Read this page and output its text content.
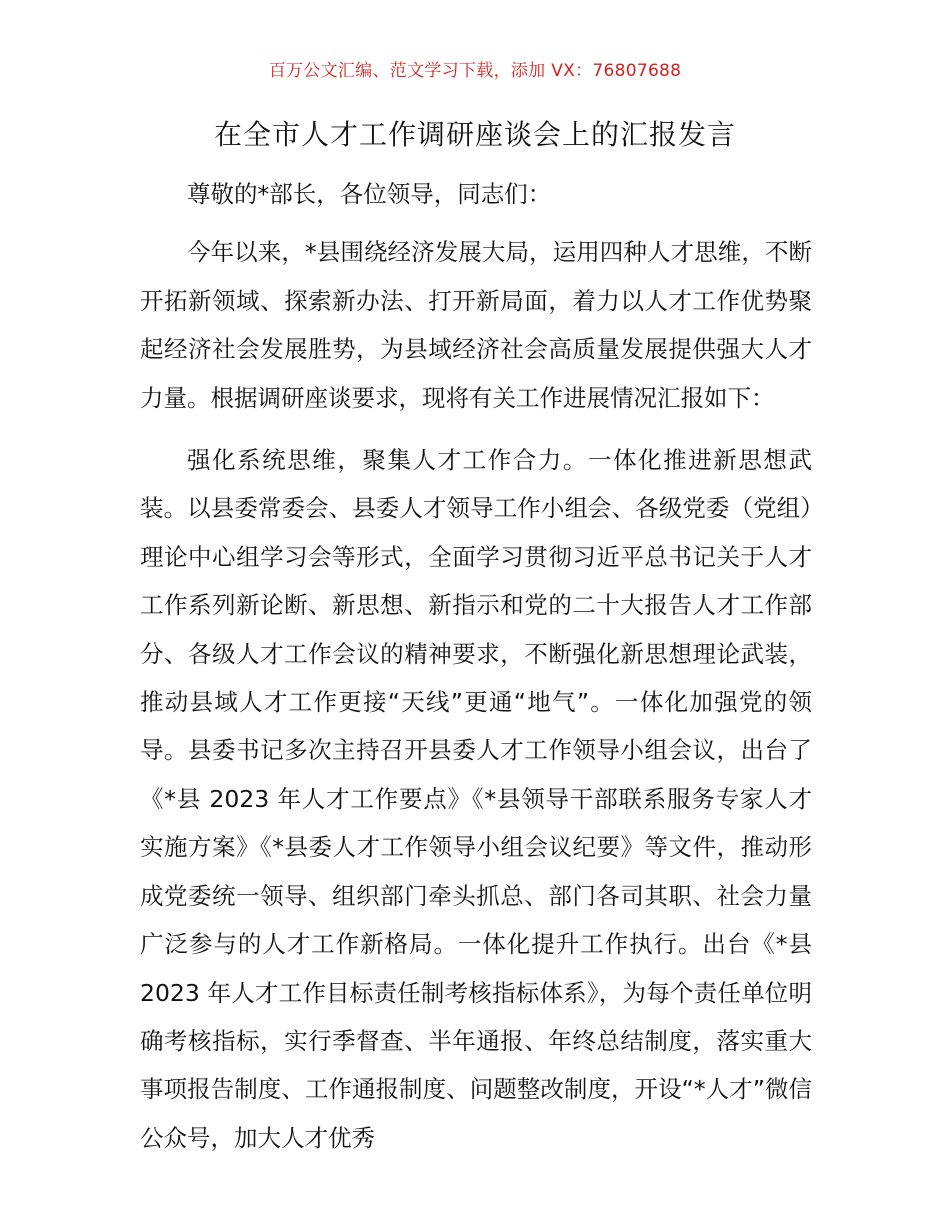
百万公文汇编、范文学习下载，添加 VX：76807688
在全市人才工作调研座谈会上的汇报发言

尊敬的*部长，各位领导，同志们：

今年以来，*县围绕经济发展大局，运用四种人才思维，不断开拓新领域、探索新办法、打开新局面，着力以人才工作优势聚起经济社会发展胜势，为县域经济社会高质量发展提供强大人才力量。根据调研座谈要求，现将有关工作进展情况汇报如下：

强化系统思维，聚集人才工作合力。一体化推进新思想武装。以县委常委会、县委人才领导工作小组会、各级党委（党组）理论中心组学习会等形式，全面学习贯彻习近平总书记关于人才工作系列新论断、新思想、新指示和党的二十大报告人才工作部分、各级人才工作会议的精神要求，不断强化新思想理论武装，推动县域人才工作更接“天线”更通“地气”。一体化加强党的领导。县委书记多次主持召开县委人才工作领导小组会议，出台了《*县 2023 年人才工作要点》《*县领导干部联系服务专家人才实施方案》《*县委人才工作领导小组会议纪要》等文件，推动形成党委统一领导、组织部门牵头抓总、部门各司其职、社会力量广泛参与的人才工作新格局。一体化提升工作执行。出台《*县 2023 年人才工作目标责任制考核指标体系》，为每个责任单位明确考核指标，实行季督查、半年通报、年终总结制度，落实重大事项报告制度、工作通报制度、问题整改制度，开设“*人才”微信公众号，加大人才优秀
